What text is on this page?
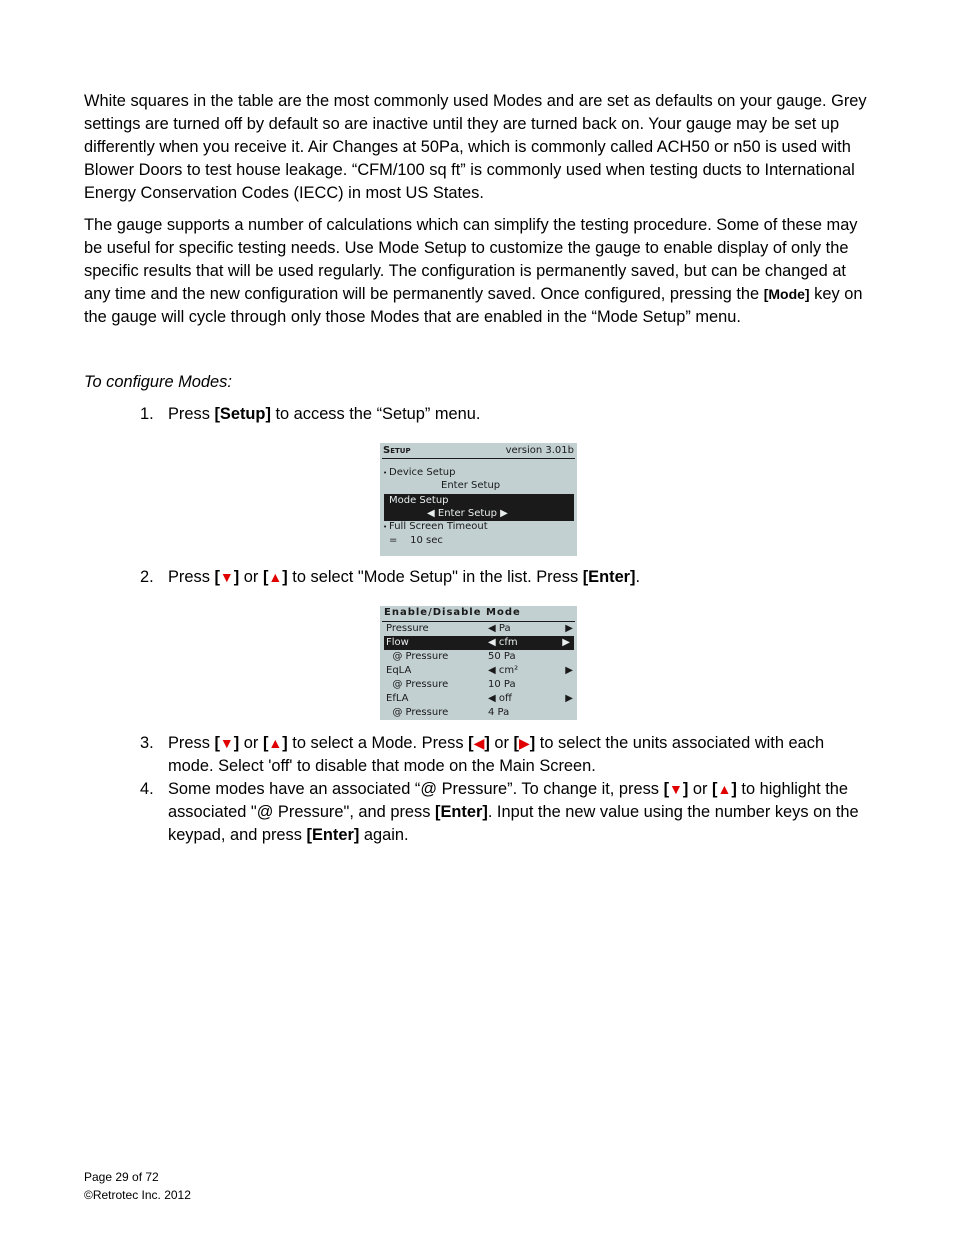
White squares in the table are the most commonly used Modes and are set as defaults on your gauge. Grey settings are turned off by default so are inactive until they are turned back on. Your gauge may be set up differently when you receive it. Air Changes at 50Pa, which is commonly called ACH50 or n50 is used with Blower Doors to test house leakage. “CFM/100 sq ft” is commonly used when testing ducts to International Energy Conservation Codes (IECC) in most US States.

The gauge supports a number of calculations which can simplify the testing procedure. Some of these may be useful for specific testing needs. Use Mode Setup to customize the gauge to enable display of only the specific results that will be used regularly. The configuration is permanently saved, but can be changed at any time and the new configuration will be permanently saved. Once configured, pressing the [Mode] key on the gauge will cycle through only those Modes that are enabled in the “Mode Setup” menu.

To configure Modes:

1. Press [Setup] to access the “Setup” menu.
Setup	version 3.01b
• Device Setup
Enter Setup
Mode Setup
◀ Enter Setup ▶
• Full Screen Timeout
=    10 sec
2. Press [▼] or [▲] to select "Mode Setup" in the list. Press [Enter].
Enable/Disable Mode
Pressure	◀ Pa	▶
Flow	◀ cfm	▶
@ Pressure	50 Pa
EqLA	◀ cm²	▶
@ Pressure	10 Pa
EfLA	◀ off	▶
@ Pressure	4 Pa
3. Press [▼] or [▲] to select a Mode. Press [◀] or [▶] to select the units associated with each mode. Select 'off' to disable that mode on the Main Screen.
4. Some modes have an associated “@ Pressure”. To change it, press [▼] or [▲] to highlight the associated "@ Pressure", and press [Enter]. Input the new value using the number keys on the keypad, and press [Enter] again.
Page 29 of 72
©Retrotec Inc. 2012
